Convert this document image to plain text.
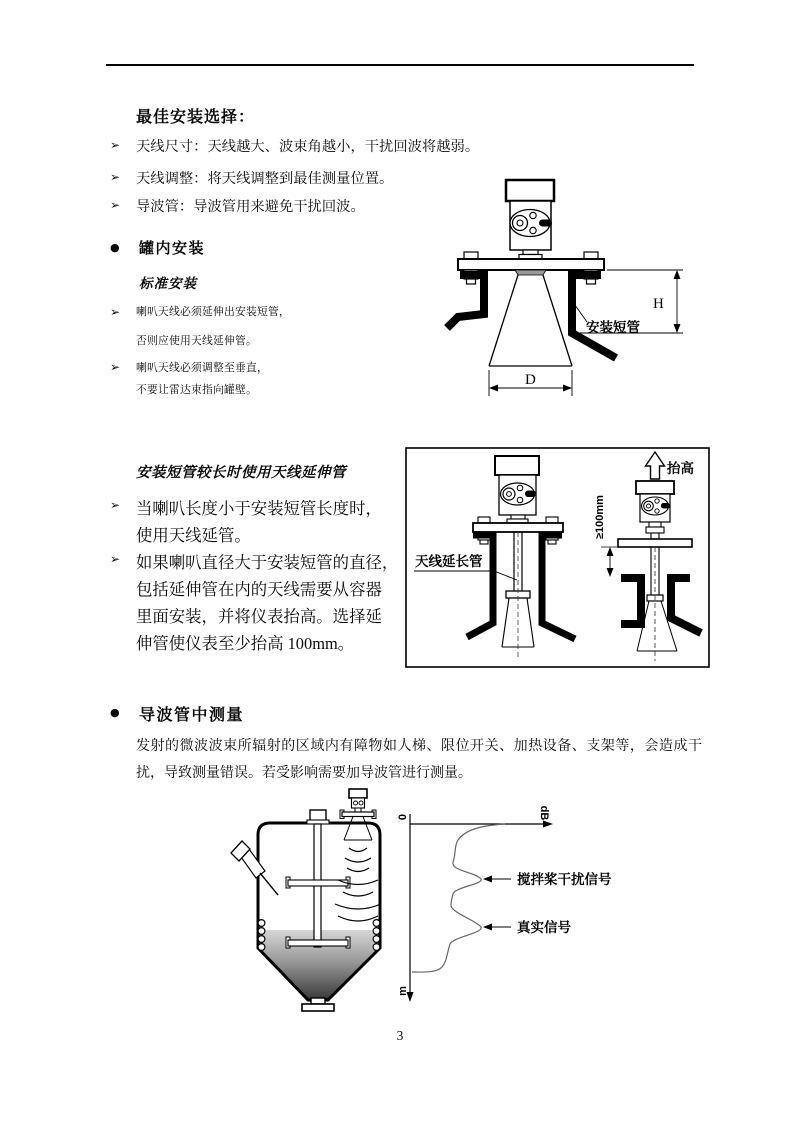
最佳安装选择：
➢ 天线尺寸：天线越大、波束角越小，干扰回波将越弱。
➢ 天线调整：将天线调整到最佳测量位置。
➢ 导波管：导波管用来避免干扰回波。
● 罐内安装
标准安装
➢ 喇叭天线必须延伸出安装短管，
否则应使用天线延伸管。
➢ 喇叭天线必须调整至垂直，
不要让雷达束指向罐壁。
安装短管
H
D
安装短管较长时使用天线延伸管
➢ 当喇叭长度小于安装短管长度时，
使用天线延管。
➢ 如果喇叭直径大于安装短管的直径，
包括延伸管在内的天线需要从容器
里面安装，并将仪表抬高。选择延
伸管使仪表至少抬高 100mm。
天线延长管
抬高
≥100mm
● 导波管中测量
发射的微波波束所辐射的区域内有障物如人梯、限位开关、加热设备、支架等，会造成干扰，导致测量错误。若受影响需要加导波管进行测量。
0	dB
m
搅拌桨干扰信号
真实信号
3
